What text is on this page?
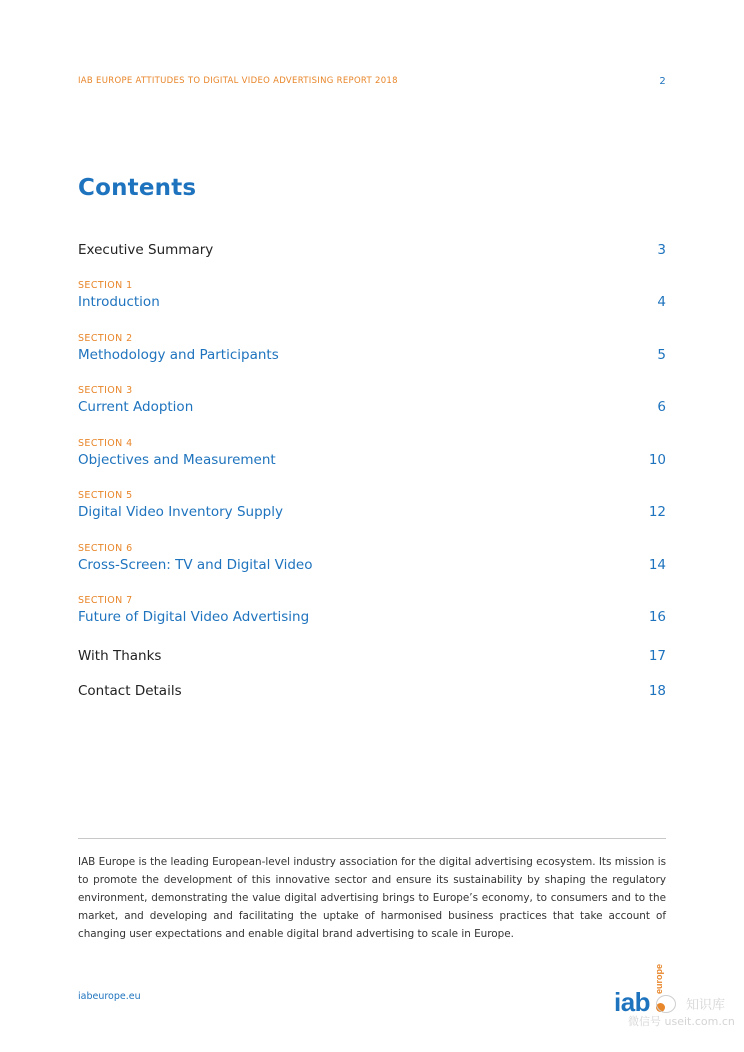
IAB EUROPE ATTITUDES TO DIGITAL VIDEO ADVERTISING REPORT 2018	2
Contents
Executive Summary	3
SECTION 1
Introduction	4
SECTION 2
Methodology and Participants	5
SECTION 3
Current Adoption	6
SECTION 4
Objectives and Measurement	10
SECTION 5
Digital Video Inventory Supply	12
SECTION 6
Cross-Screen: TV and Digital Video	14
SECTION 7
Future of Digital Video Advertising	16
With Thanks	17
Contact Details	18
IAB Europe is the leading European-level industry association for the digital advertising ecosystem. Its mission is to promote the development of this innovative sector and ensure its sustainability by shaping the regulatory environment, demonstrating the value digital advertising brings to Europe’s economy, to consumers and to the market, and developing and facilitating the uptake of harmonised business practices that take account of changing user expectations and enable digital brand advertising to scale in Europe.
iabeurope.eu	iab
europe
知识库
微信号 useit.com.cn
